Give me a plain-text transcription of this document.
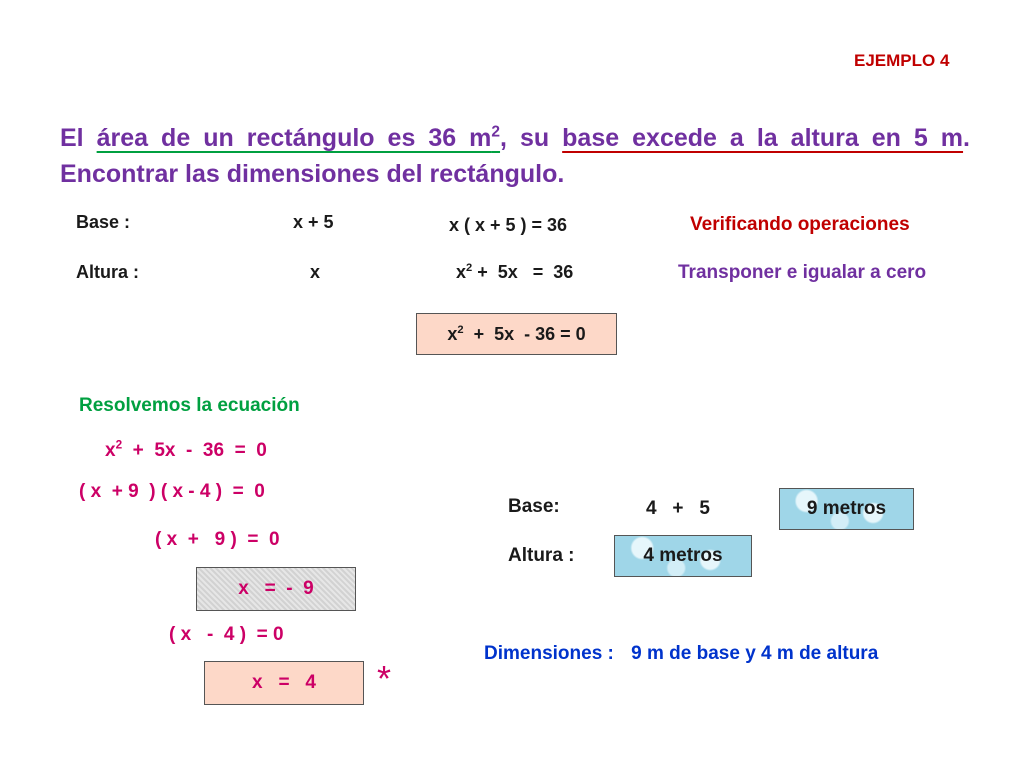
EJEMPLO 4
El área de un rectángulo es 36 $m^2$, su base excede a la altura en 5 m.
Encontrar las dimensiones del rectángulo.
Base :	x + 5
Altura :	x
x ( x + 5 ) = 36
$x^2 + 5x = 36$
Verificando operaciones
Transponer e igualar a cero
$x^2 + 5x - 36 = 0$
Resolvemos la ecuación
$x^2 + 5x - 36 = 0$
( x  + 9  ) ( x - 4 )  =  0
( x  +   9 )  =  0
x   =  -  9
( x   -  4 )  = 0
x   =   4 *
Base:	4   +   5	9 metros
Altura :	4 metros
Dimensiones : 9 m de base y 4 m de altura
